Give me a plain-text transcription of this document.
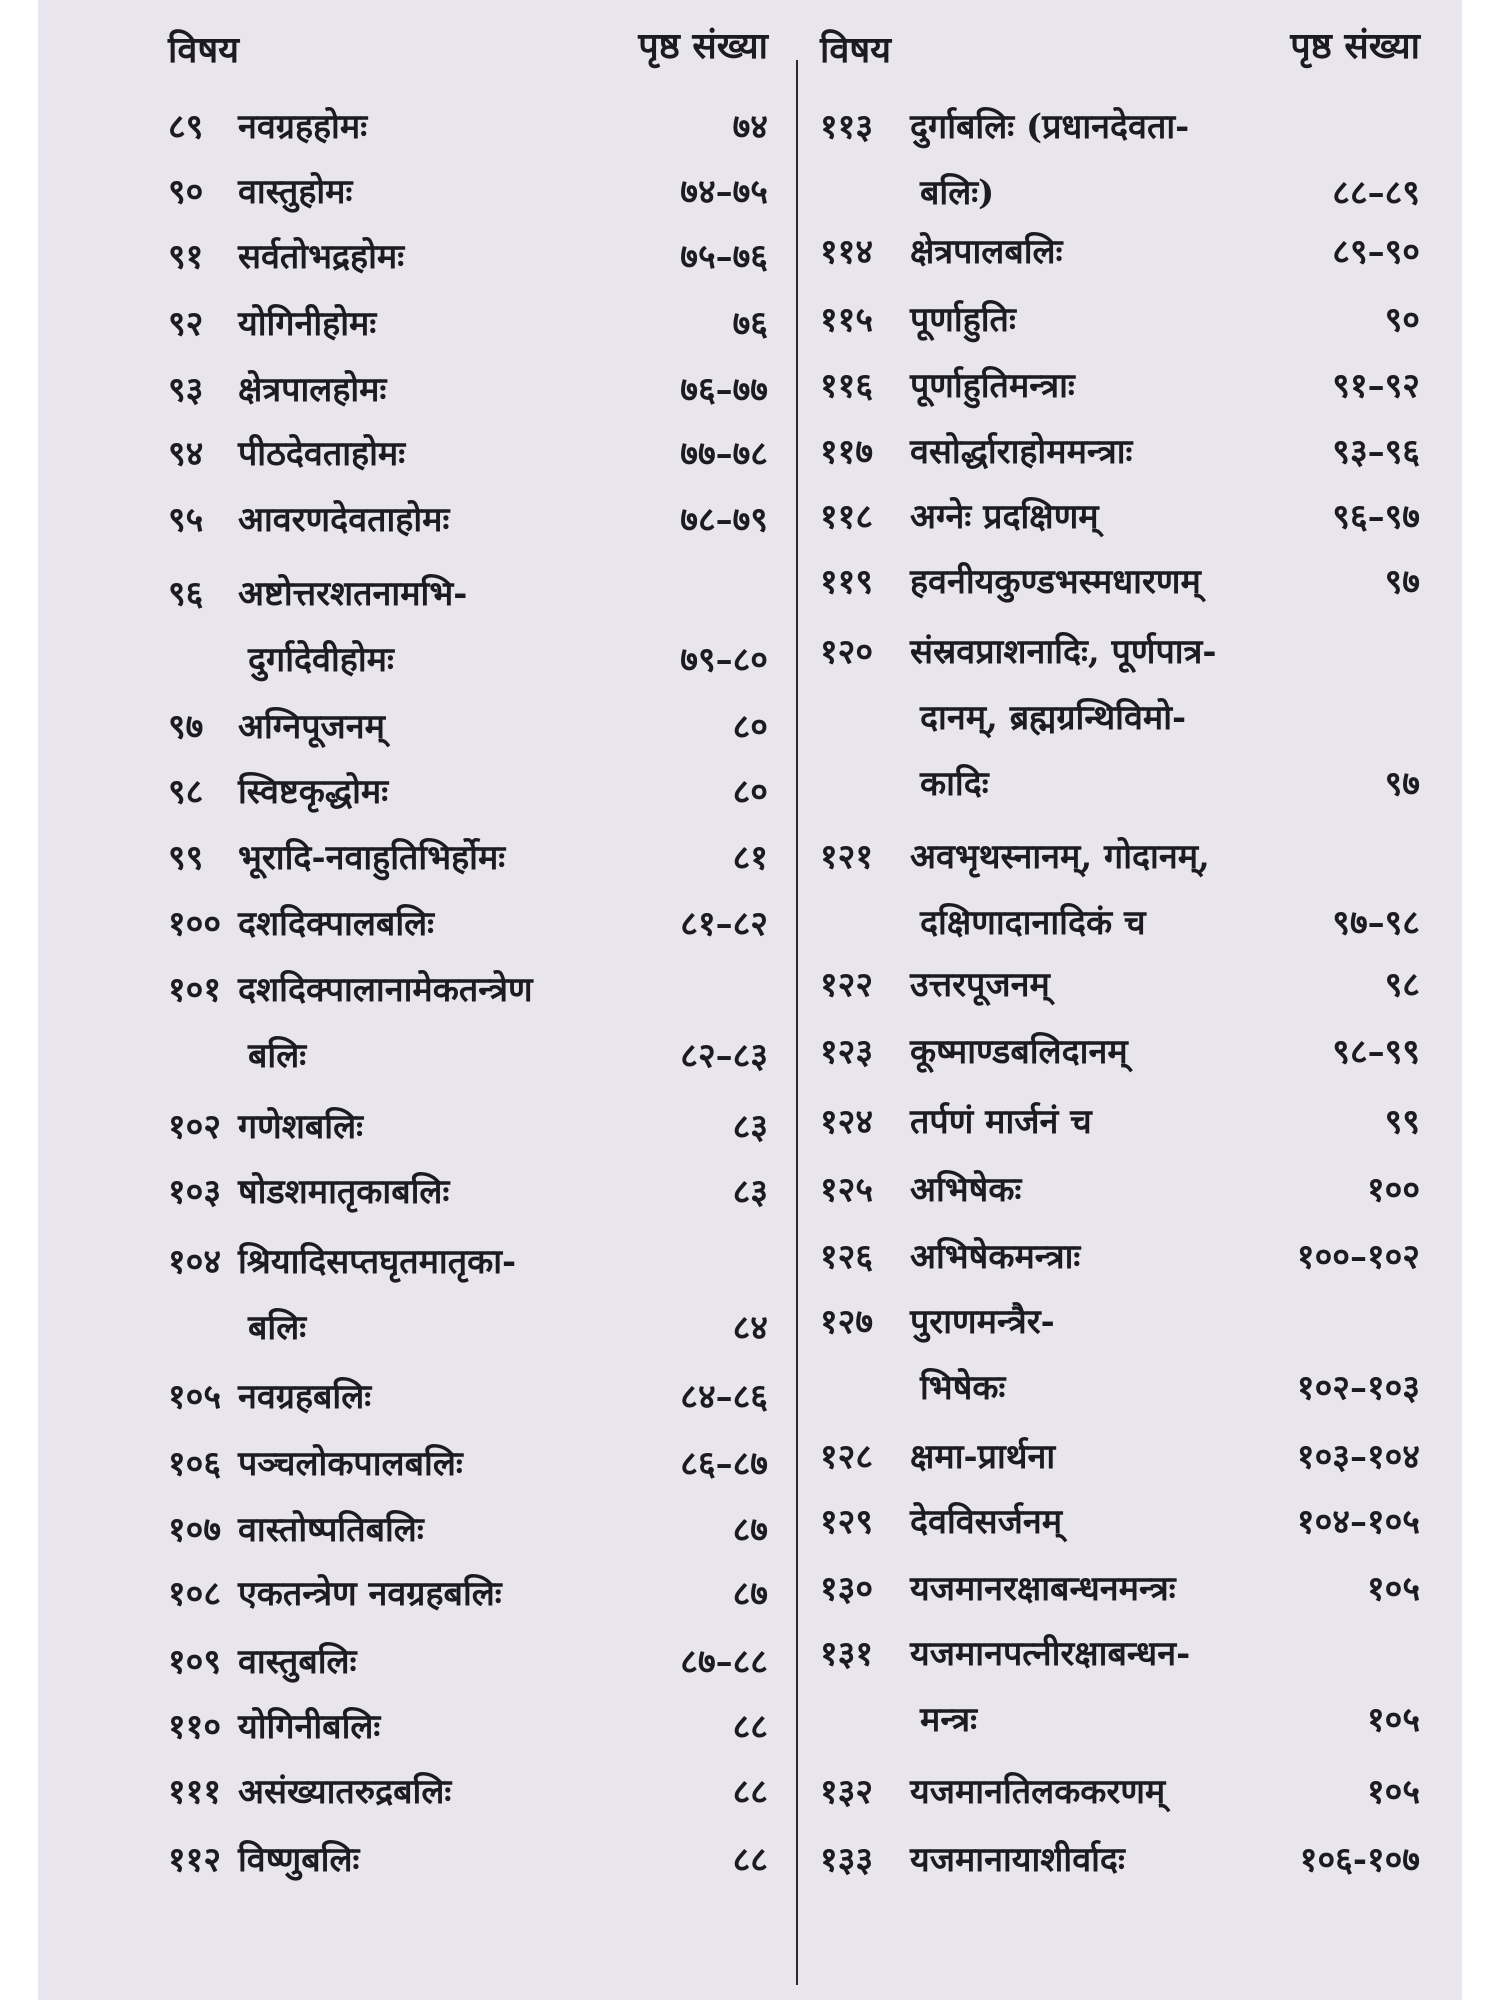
विषय	पृष्ठ संख्या
८९	नवग्रहहोमः	७४
९०	वास्तुहोमः	७४–७५
९१	सर्वतोभद्रहोमः	७५–७६
९२	योगिनीहोमः	७६
९३	क्षेत्रपालहोमः	७६–७७
९४	पीठदेवताहोमः	७७–७८
९५	आवरणदेवताहोमः	७८–७९
९६	अष्टोत्तरशतनामभि-
दुर्गादेवीहोमः	७९–८०
९७	अग्निपूजनम्	८०
९८	स्विष्टकृद्धोमः	८०
९९	भूरादि-नवाहुतिभिर्होमः	८१
१०० दशदिक्पालबलिः	८१–८२
१०१ दशदिक्पालानामेकतन्त्रेण
बलिः	८२–८३
१०२ गणेशबलिः	८३
१०३ षोडशमातृकाबलिः	८३
१०४ श्रियादिसप्तघृतमातृका-
बलिः	८४
१०५ नवग्रहबलिः	८४–८६
१०६ पञ्चलोकपालबलिः	८६–८७
१०७ वास्तोष्पतिबलिः	८७
१०८ एकतन्त्रेण नवग्रहबलिः	८७
१०९ वास्तुबलिः	८७–८८
११० योगिनीबलिः	८८
१११ असंख्यातरुद्रबलिः	८८
११२ विष्णुबलिः	८८
विषय	पृष्ठ संख्या
११३	दुर्गाबलिः (प्रधानदेवता-
बलिः)	८८–८९
११४	क्षेत्रपालबलिः	८९–९०
११५	पूर्णाहुतिः	९०
११६	पूर्णाहुतिमन्त्राः	९१–९२
११७	वसोर्द्धाराहोममन्त्राः	९३–९६
११८	अग्नेः प्रदक्षिणम्	९६–९७
११९	हवनीयकुण्डभस्मधारणम्	९७
१२०	संस्रवप्राशनादिः, पूर्णपात्र-
दानम्, ब्रह्मग्रन्थिविमो-
कादिः	९७
१२१	अवभृथस्नानम्, गोदानम्,
दक्षिणादानादिकं च	९७–९८
१२२	उत्तरपूजनम्	९८
१२३	कूष्माण्डबलिदानम्	९८–९९
१२४	तर्पणं मार्जनं च	९९
१२५	अभिषेकः	१००
१२६	अभिषेकमन्त्राः	१००–१०२
१२७	पुराणमन्त्रैर-
भिषेकः	१०२–१०३
१२८	क्षमा-प्रार्थना	१०३–१०४
१२९	देवविसर्जनम्	१०४–१०५
१३०	यजमानरक्षाबन्धनमन्त्रः	१०५
१३१	यजमानपत्नीरक्षाबन्धन-
मन्त्रः	१०५
१३२	यजमानतिलककरणम्	१०५
१३३	यजमानायाशीर्वादः	१०६-१०७
